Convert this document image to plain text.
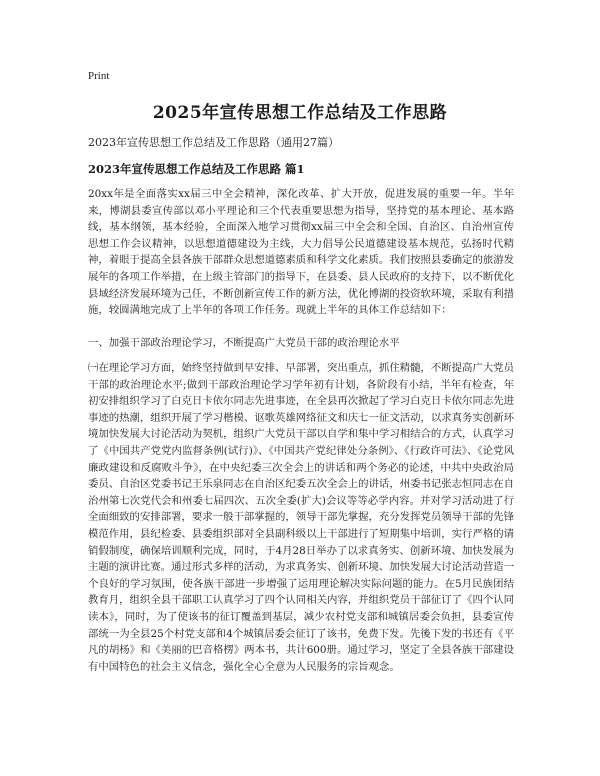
Print
2025年宣传思想工作总结及工作思路
2023年宣传思想工作总结及工作思路（通用27篇）
2023年宣传思想工作总结及工作思路 篇1
20xx年是全面落实xx届三中全会精神，深化改革、扩大开放，促进发展的重要一年。半年来，博湖县委宣传部以邓小平理论和三个代表重要思想为指导，坚持党的基本理论、基本路线，基本纲领，基本经验，全面深入地学习贯彻xx届三中全会和全国、自治区、自治州宣传思想工作会议精神，以思想道德建设为主线，大力倡导公民道德建设基本规范，弘扬时代精神，着眼于提高全县各族干部群众思想道德素质和科学文化素质。我们按照县委确定的旅游发展年的各项工作举措，在上级主管部门的指导下，在县委、县人民政府的支持下，以不断优化县域经济发展环境为己任，不断创新宣传工作的新方法，优化博湖的投资软环境，采取有利措施，较圆满地完成了上半年的各项工作任务。现就上半年的具体工作总结如下：
一、加强干部政治理论学习，不断提高广大党员干部的政治理论水平
㈠在理论学习方面，始终坚持做到早安排、早部署，突出重点，抓住精髓，不断提高广大党员干部的政治理论水平;做到干部政治理论学习学年初有计划，各阶段有小结，半年有检查，年初安排组织学习了白克日卡依尔同志先进事迹，在全县再次掀起了学习白克日卡依尔同志先进事迹的热潮，组织开展了学习楷模、讴歌英雄网络征文和庆七一征文活动，以求真务实创新环境加快发展大讨论活动为契机，组织广大党员干部以自学和集中学习相结合的方式，认真学习了《中国共产党党内监督条例(试行)》、《中国共产党纪律处分条例》、《行政许可法》、《论党风廉政建设和反腐败斗争》，在中央纪委三次全会上的讲话和两个务必的论述，中共中央政治局委员、自治区党委书记王乐泉同志在自治区纪委五次全会上的讲话，州委书记张志恒同志在自治州第七次党代会和州委七届四次、五次全委(扩大)会议等等必学内容。并对学习活动进了行全面细致的安排部署，要求一般干部掌握的，领导干部先掌握，充分发挥党员领导干部的先锋模范作用，县纪检委、县委组织部对全县副科级以上干部进行了短期集中培训，实行严格的请销假制度，确保培训顺利完成，同时，于4月28日举办了以求真务实、创新环境、加快发展为主题的演讲比赛。通过形式多样的活动，为求真务实、创新环境、加快发展大讨论活动营造一个良好的学习氛围，使各族干部进一步增强了运用理论解决实际问题的能力。在5月民族团结教育月，组织全县干部职工认真学习了四个认同相关内容，并组织党员干部征订了《四个认同读本》，同时，为了使该书的征订覆盖到基层，减少农村党支部和城镇居委会负担，县委宣传部统一为全县25个村党支部和4个城镇居委会征订了该书，免费下发。先後下发的书还有《平凡的胡杨》和《美丽的巴音格楞》两本书，共计600册。通过学习，坚定了全县各族干部建设有中国特色的社会主义信念，强化全心全意为人民服务的宗旨观念。
